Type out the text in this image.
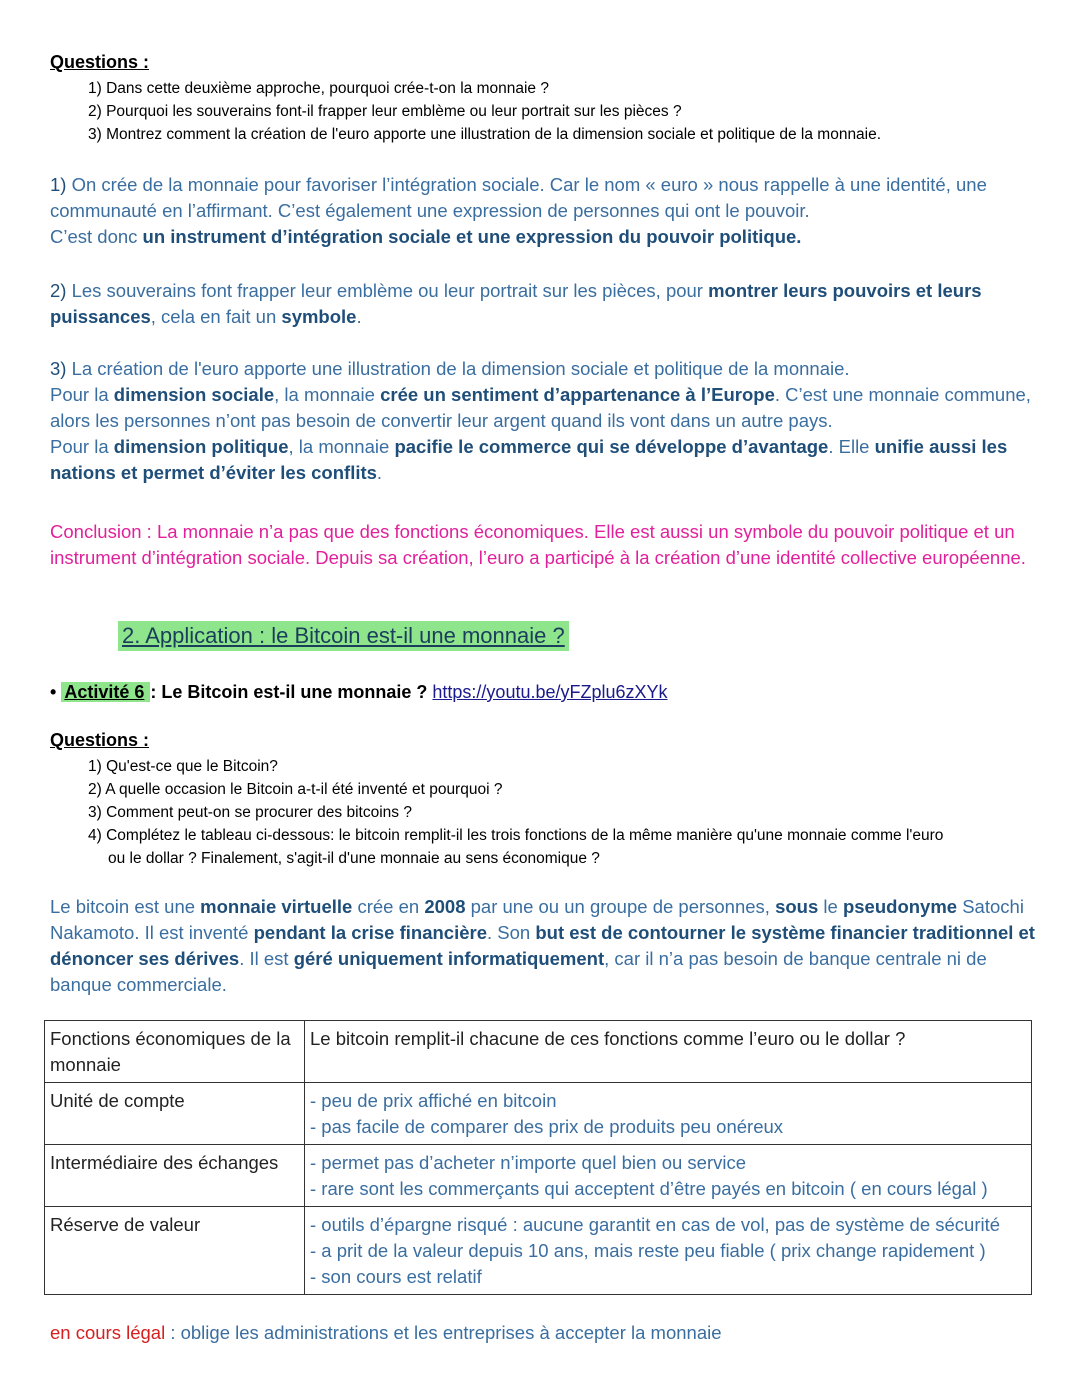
Questions :
1) Dans cette deuxième approche, pourquoi crée-t-on la monnaie ?
2) Pourquoi les souverains font-il frapper leur emblème ou leur portrait sur les pièces ?
3) Montrez comment la création de l'euro apporte une illustration de la dimension sociale et politique de la monnaie.
1) On crée de la monnaie pour favoriser l’intégration sociale. Car le nom « euro » nous rappelle à une identité, une communauté en l’affirmant. C’est également une expression de personnes qui ont le pouvoir.
C’est donc un instrument d’intégration sociale et une expression du pouvoir politique.
2) Les souverains font frapper leur emblème ou leur portrait sur les pièces, pour montrer leurs pouvoirs et leurs puissances, cela en fait un symbole.
3) La création de l'euro apporte une illustration de la dimension sociale et politique de la monnaie.
Pour la dimension sociale, la monnaie crée un sentiment d’appartenance à l’Europe. C’est une monnaie commune, alors les personnes n’ont pas besoin de convertir leur argent quand ils vont dans un autre pays.
Pour la dimension politique, la monnaie pacifie le commerce qui se développe d’avantage. Elle unifie aussi les nations et permet d’éviter les conflits.
Conclusion : La monnaie n’a pas que des fonctions économiques. Elle est aussi un symbole du pouvoir politique et un instrument d’intégration sociale. Depuis sa création, l’euro a participé à la création d’une identité collective européenne.
2. Application : le Bitcoin est-il une monnaie ?
• Activité 6 : Le Bitcoin est-il une monnaie ? https://youtu.be/yFZplu6zXYk
Questions :
1) Qu'est-ce que le Bitcoin?
2) A quelle occasion le Bitcoin a-t-il été inventé et pourquoi ?
3) Comment peut-on se procurer des bitcoins ?
4) Complétez le tableau ci-dessous: le bitcoin remplit-il les trois fonctions de la même manière qu'une monnaie comme l'euro
ou le dollar ? Finalement, s'agit-il d'une monnaie au sens économique ?
Le bitcoin est une monnaie virtuelle crée en 2008 par une ou un groupe de personnes, sous le pseudonyme Satochi Nakamoto. Il est inventé pendant la crise financière. Son but est de contourner le système financier traditionnel et dénoncer ses dérives. Il est géré uniquement informatiquement, car il n’a pas besoin de banque centrale ni de banque commerciale.
Fonctions économiques de la monnaie	Le bitcoin remplit-il chacune de ces fonctions comme l’euro ou le dollar ?
Unité de compte	- peu de prix affiché en bitcoin
- pas facile de comparer des prix de produits peu onéreux

Intermédiaire des échanges	- permet pas d’acheter n’importe quel bien ou service
- rare sont les commerçants qui acceptent d’être payés en bitcoin ( en cours légal )

Réserve de valeur	- outils d’épargne risqué : aucune garantit en cas de vol, pas de système de sécurité
- a prit de la valeur depuis 10 ans, mais reste peu fiable ( prix change rapidement )
- son cours est relatif
en cours légal : oblige les administrations et les entreprises à accepter la monnaie
